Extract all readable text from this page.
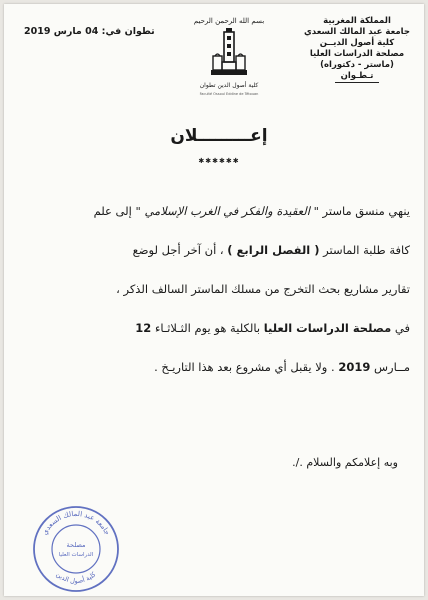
المملكة المغربية
جامعة عبد المالك السعدي
كلية أصول الديــن
مصلحة الدراسات العليا
(ماستر - دكتوراه)
تـطـوان
تطوان في: 04 مارس 2019
بسم الله الرحمن الرحيم
كلية أصول الدين تطوان
Faculté Ossoul Eddine de Tétouan
إعـــــــــلان
✱✱✱✱✱✱
ينهي منسق ماستر " العقيدة والفكر في الغرب الإسلامي " إلى علم
كافة طلبة الماستر ( الفصل الرابع ) ، أن آخر أجل لوضع
تقارير مشاريع بحث التخرج من مسلك الماستر السالف الذكر ،
في مصلحة الدراسات العليا بالكلية هو يوم الثـلاثـاء 12
مــارس 2019 . ولا يقبل أي مشروع بعد هذا التاريـخ .
وبه إعلامكم والسلام ./.
جامعة عبد المالك السعدي
مصلحة
الدراسات العليا
كلية أصول الدين
